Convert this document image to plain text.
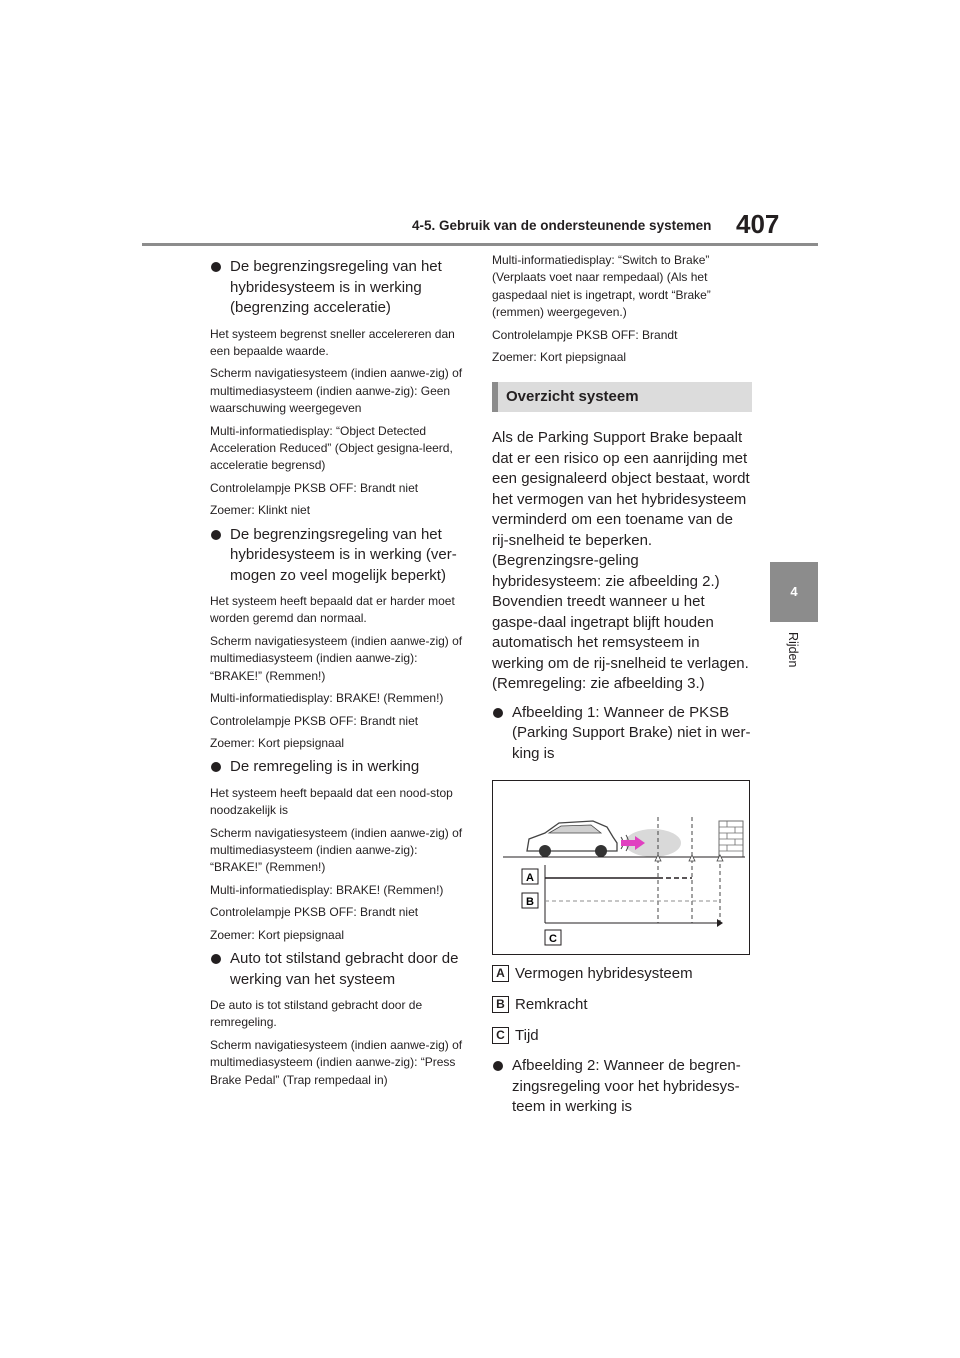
4-5. Gebruik van de ondersteunende systemen 407
4
Rijden
De begrenzingsregeling van het hybridesysteem is in werking (begrenzing acceleratie)

Het systeem begrenst sneller accelereren dan een bepaalde waarde.

Scherm navigatiesysteem (indien aanwe-zig) of multimediasysteem (indien aanwe-zig): Geen waarschuwing weergegeven

Multi-informatiedisplay: “Object Detected Acceleration Reduced” (Object gesigna-leerd, acceleratie begrensd)

Controlelampje PKSB OFF: Brandt niet

Zoemer: Klinkt niet

De begrenzingsregeling van het hybridesysteem is in werking (ver-mogen zo veel mogelijk beperkt)

Het systeem heeft bepaald dat er harder moet worden geremd dan normaal.

Scherm navigatiesysteem (indien aanwe-zig) of multimediasysteem (indien aanwe-zig): “BRAKE!” (Remmen!)

Multi-informatiedisplay: BRAKE! (Remmen!)

Controlelampje PKSB OFF: Brandt niet

Zoemer: Kort piepsignaal

De remregeling is in werking

Het systeem heeft bepaald dat een nood-stop noodzakelijk is

Scherm navigatiesysteem (indien aanwe-zig) of multimediasysteem (indien aanwe-zig): “BRAKE!” (Remmen!)

Multi-informatiedisplay: BRAKE! (Remmen!)

Controlelampje PKSB OFF: Brandt niet

Zoemer: Kort piepsignaal

Auto tot stilstand gebracht door de werking van het systeem

De auto is tot stilstand gebracht door de remregeling.

Scherm navigatiesysteem (indien aanwe-zig) of multimediasysteem (indien aanwe-zig): “Press Brake Pedal” (Trap rempedaal in)

Multi-informatiedisplay: “Switch to Brake” (Verplaats voet naar rempedaal) (Als het gaspedaal niet is ingetrapt, wordt “Brake” (remmen) weergegeven.)

Controlelampje PKSB OFF: Brandt

Zoemer: Kort piepsignaal

Overzicht systeem

Als de Parking Support Brake bepaalt dat er een risico op een aanrijding met een gesignaleerd object bestaat, wordt het vermogen van het hybridesysteem verminderd om een toename van de rij-snelheid te beperken. (Begrenzingsre-geling hybridesysteem: zie afbeelding 2.)

Bovendien treedt wanneer u het gaspe-daal ingetrapt blijft houden automatisch het remsysteem in werking om de rij-snelheid te verlagen. (Remregeling: zie afbeelding 3.)

Afbeelding 1: Wanneer de PKSB (Parking Support Brake) niet in wer-king is
A
B
C
A Vermogen hybridesysteem
B Remkracht
C Tijd
Afbeelding 2: Wanneer de begren-zingsregeling voor het hybridesys-teem in werking is
